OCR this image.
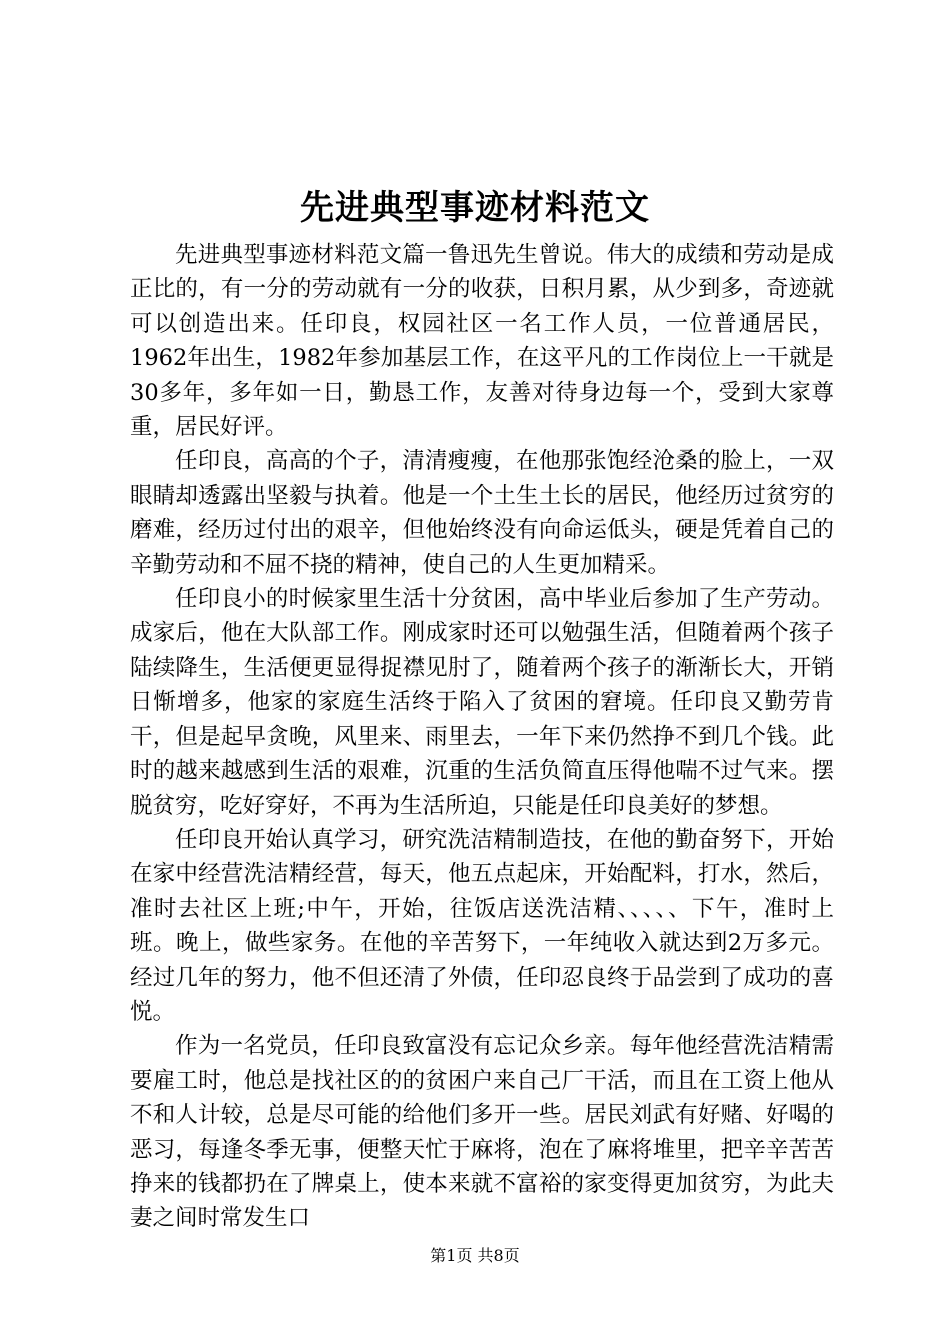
先进典型事迹材料范文

先进典型事迹材料范文篇一鲁迅先生曾说。伟大的成绩和劳动是成正比的，有一分的劳动就有一分的收获，日积月累，从少到多，奇迹就可以创造出来。任印良，权园社区一名工作人员，一位普通居民，1962年出生，1982年参加基层工作，在这平凡的工作岗位上一干就是30多年，多年如一日，勤恳工作，友善对待身边每一个，受到大家尊重，居民好评。

任印良，高高的个子，清清瘦瘦，在他那张饱经沧桑的脸上，一双眼睛却透露出坚毅与执着。他是一个土生土长的居民，他经历过贫穷的磨难，经历过付出的艰辛，但他始终没有向命运低头，硬是凭着自己的辛勤劳动和不屈不挠的精神，使自己的人生更加精采。

任印良小的时候家里生活十分贫困，高中毕业后参加了生产劳动。成家后，他在大队部工作。刚成家时还可以勉强生活，但随着两个孩子陆续降生，生活便更显得捉襟见肘了，随着两个孩子的渐渐长大，开销日惭增多，他家的家庭生活终于陷入了贫困的窘境。任印良又勤劳肯干，但是起早贪晚，风里来、雨里去，一年下来仍然挣不到几个钱。此时的越来越感到生活的艰难，沉重的生活负简直压得他喘不过气来。摆脱贫穷，吃好穿好，不再为生活所迫，只能是任印良美好的梦想。

任印良开始认真学习，研究洗洁精制造技，在他的勤奋努下，开始在家中经营洗洁精经营，每天，他五点起床，开始配料，打水，然后，准时去社区上班;中午，开始，往饭店送洗洁精、、、、、下午，准时上班。晚上，做些家务。在他的辛苦努下，一年纯收入就达到2万多元。经过几年的努力，他不但还清了外债，任印忍良终于品尝到了成功的喜悦。

作为一名党员，任印良致富没有忘记众乡亲。每年他经营洗洁精需要雇工时，他总是找社区的的贫困户来自己厂干活，而且在工资上他从不和人计较，总是尽可能的给他们多开一些。居民刘武有好赌、好喝的恶习，每逢冬季无事，便整天忙于麻将，泡在了麻将堆里，把辛辛苦苦挣来的钱都扔在了牌桌上，使本来就不富裕的家变得更加贫穷，为此夫妻之间时常发生口

第1页 共8页
